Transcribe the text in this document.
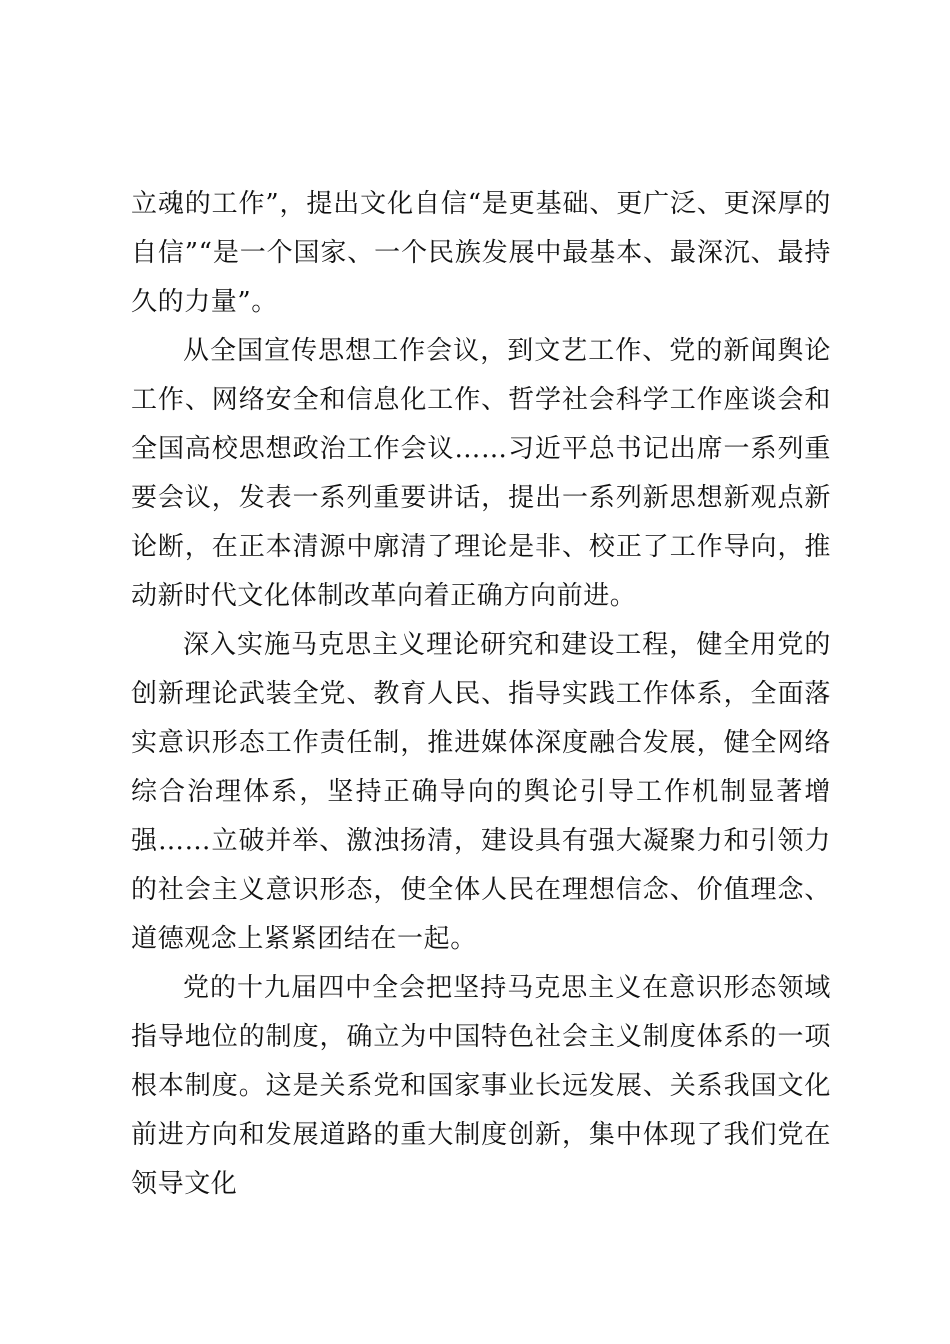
立魂的工作”，提出文化自信“是更基础、更广泛、更深厚的自信”“是一个国家、一个民族发展中最基本、最深沉、最持久的力量”。

从全国宣传思想工作会议，到文艺工作、党的新闻舆论工作、网络安全和信息化工作、哲学社会科学工作座谈会和全国高校思想政治工作会议……习近平总书记出席一系列重要会议，发表一系列重要讲话，提出一系列新思想新观点新论断，在正本清源中廓清了理论是非、校正了工作导向，推动新时代文化体制改革向着正确方向前进。

深入实施马克思主义理论研究和建设工程，健全用党的创新理论武装全党、教育人民、指导实践工作体系，全面落实意识形态工作责任制，推进媒体深度融合发展，健全网络综合治理体系，坚持正确导向的舆论引导工作机制显著增强……立破并举、激浊扬清，建设具有强大凝聚力和引领力的社会主义意识形态，使全体人民在理想信念、价值理念、道德观念上紧紧团结在一起。

党的十九届四中全会把坚持马克思主义在意识形态领域指导地位的制度，确立为中国特色社会主义制度体系的一项根本制度。这是关系党和国家事业长远发展、关系我国文化前进方向和发展道路的重大制度创新，集中体现了我们党在领导文化
